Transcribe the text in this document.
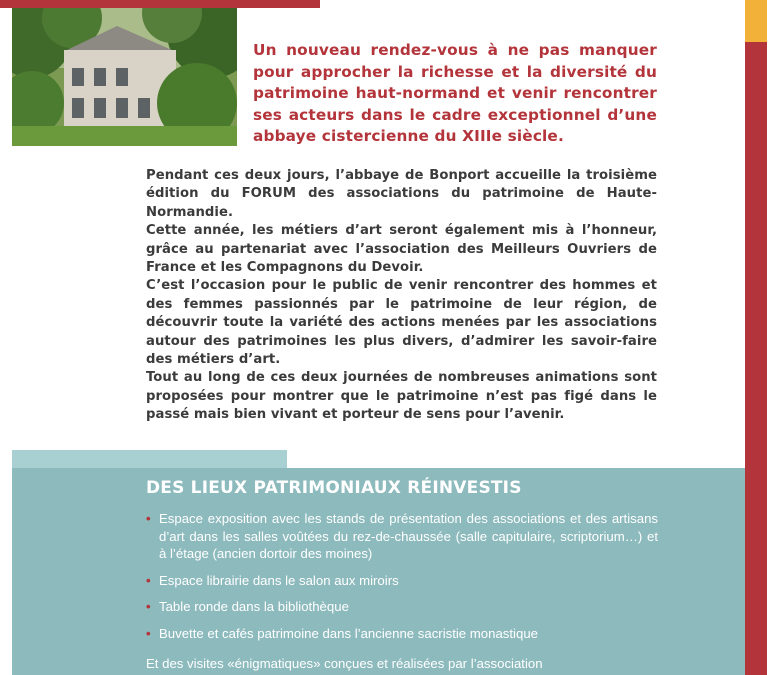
Un nouveau rendez-vous à ne pas manquer pour approcher la richesse et la diversité du patrimoine haut-normand et venir rencontrer ses acteurs dans le cadre exceptionnel d’une abbaye cistercienne du XIIIe siècle.

Pendant ces deux jours, l’abbaye de Bonport accueille la troisième édition du FORUM des associations du patrimoine de Haute-Normandie.

Cette année, les métiers d’art seront également mis à l’honneur, grâce au partenariat avec l’association des Meilleurs Ouvriers de France et les Compagnons du Devoir.

C’est l’occasion pour le public de venir rencontrer des hommes et des femmes passionnés par le patrimoine de leur région, de découvrir toute la variété des actions menées par les associations autour des patrimoines les plus divers, d’admirer les savoir-faire des métiers d’art.

Tout au long de ces deux journées de nombreuses animations sont proposées pour montrer que le patrimoine n’est pas figé dans le passé mais bien vivant et porteur de sens pour l’avenir.

DES LIEUX PATRIMONIAUX RÉINVESTIS
• Espace exposition avec les stands de présentation des associations et des artisans d’art dans les salles voûtées du rez-de-chaussée (salle capitulaire, scriptorium…) et à l’étage (ancien dortoir des moines)
• Espace librairie dans le salon aux miroirs
• Table ronde dans la bibliothèque
• Buvette et cafés patrimoine dans l’ancienne sacristie monastique

Et des visites «énigmatiques» conçues et réalisées par l’association
